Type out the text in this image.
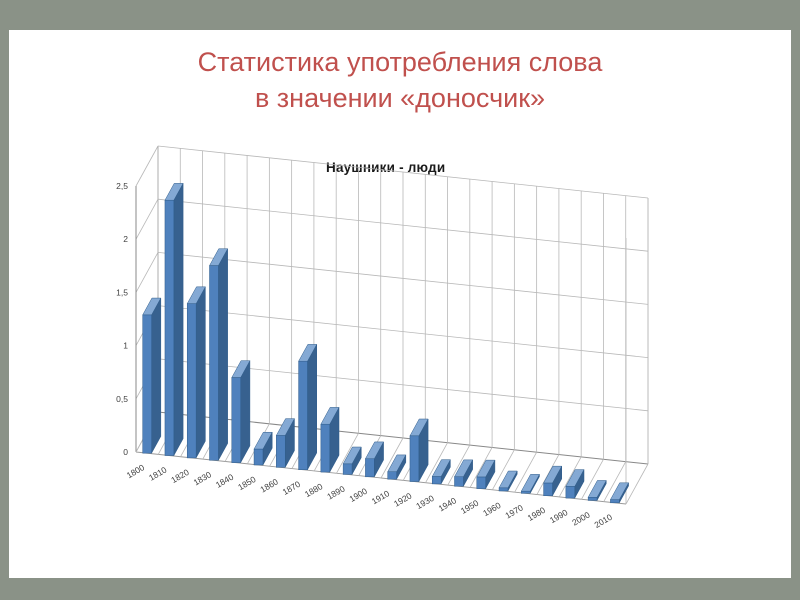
Статистика употребления слова
в значении «доносчик»
Наушники - люди
0
0,5
1
1,5
2
2,5
1800 1810 1820 1830 1840 1850 1860 1870 1880 1890 1900 1910 1920 1930 1940 1950 1960 1970 1980 1990 2000 2010
